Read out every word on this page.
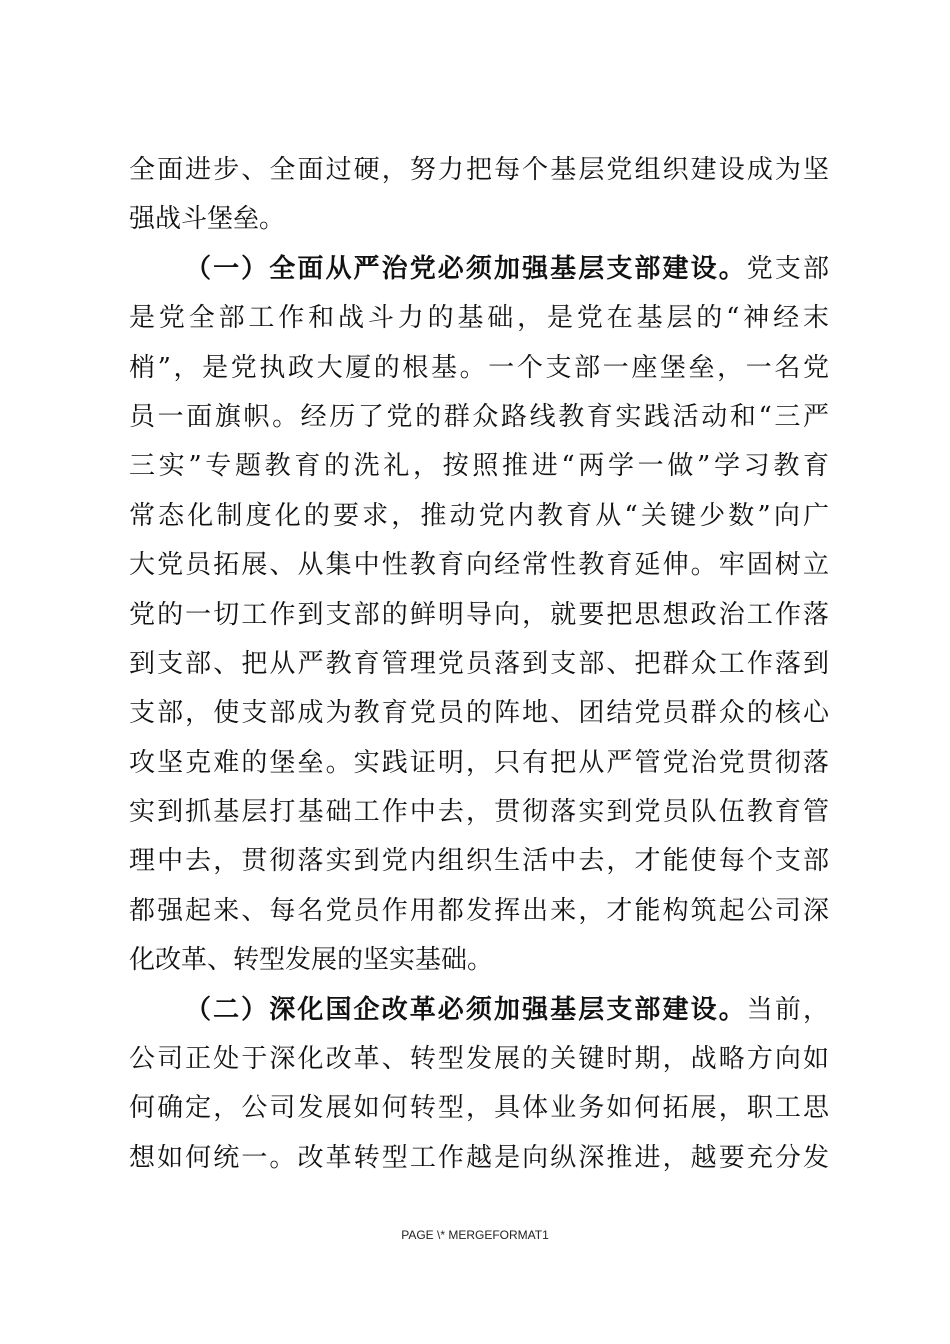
全面进步、全面过硬，努力把每个基层党组织建设成为坚
强战斗堡垒。
（一）全面从严治党必须加强基层支部建设。党支部
是党全部工作和战斗力的基础，是党在基层的“神经末
梢”，是党执政大厦的根基。一个支部一座堡垒，一名党
员一面旗帜。经历了党的群众路线教育实践活动和“三严
三实”专题教育的洗礼，按照推进“两学一做”学习教育
常态化制度化的要求，推动党内教育从“关键少数”向广
大党员拓展、从集中性教育向经常性教育延伸。牢固树立
党的一切工作到支部的鲜明导向，就要把思想政治工作落
到支部、把从严教育管理党员落到支部、把群众工作落到
支部，使支部成为教育党员的阵地、团结党员群众的核心
攻坚克难的堡垒。实践证明，只有把从严管党治党贯彻落
实到抓基层打基础工作中去，贯彻落实到党员队伍教育管
理中去，贯彻落实到党内组织生活中去，才能使每个支部
都强起来、每名党员作用都发挥出来，才能构筑起公司深
化改革、转型发展的坚实基础。
（二）深化国企改革必须加强基层支部建设。当前，
公司正处于深化改革、转型发展的关键时期，战略方向如
何确定，公司发展如何转型，具体业务如何拓展，职工思
想如何统一。改革转型工作越是向纵深推进，越要充分发
PAGE \* MERGEFORMAT1
